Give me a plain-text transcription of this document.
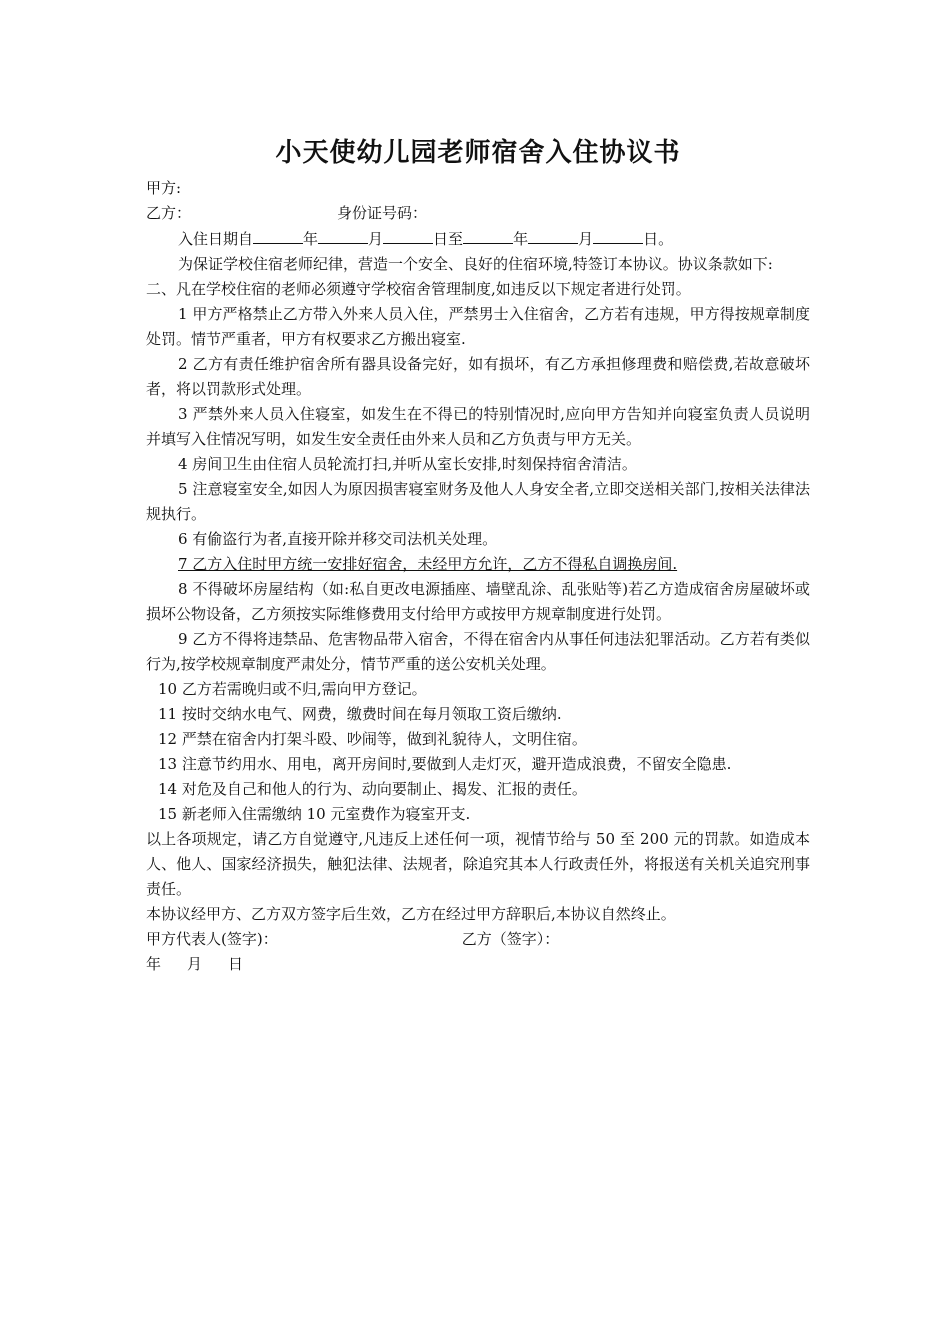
小天使幼儿园老师宿舍入住协议书
甲方:
乙方：	身份证号码：
入住日期自	年	月	日至	年	月	日。
为保证学校住宿老师纪律，营造一个安全、良好的住宿环境,特签订本协议。协议条款如下:
二、凡在学校住宿的老师必须遵守学校宿舍管理制度,如违反以下规定者进行处罚。
1 甲方严格禁止乙方带入外来人员入住，严禁男士入住宿舍，乙方若有违规，甲方得按规章制度处罚。情节严重者，甲方有权要求乙方搬出寝室.
2 乙方有责任维护宿舍所有器具设备完好，如有损坏，有乙方承担修理费和赔偿费,若故意破坏者，将以罚款形式处理。
3 严禁外来人员入住寝室，如发生在不得已的特别情况时,应向甲方告知并向寝室负责人员说明并填写入住情况写明，如发生安全责任由外来人员和乙方负责与甲方无关。
4 房间卫生由住宿人员轮流打扫,并听从室长安排,时刻保持宿舍清洁。
5 注意寝室安全,如因人为原因损害寝室财务及他人人身安全者,立即交送相关部门,按相关法律法规执行。
6 有偷盗行为者,直接开除并移交司法机关处理。
7 乙方入住时甲方统一安排好宿舍，未经甲方允许，乙方不得私自调换房间.
8 不得破坏房屋结构（如:私自更改电源插座、墙壁乱涂、乱张贴等)若乙方造成宿舍房屋破坏或损坏公物设备，乙方须按实际维修费用支付给甲方或按甲方规章制度进行处罚。
9 乙方不得将违禁品、危害物品带入宿舍，不得在宿舍内从事任何违法犯罪活动。乙方若有类似行为,按学校规章制度严肃处分，情节严重的送公安机关处理。
10 乙方若需晚归或不归,需向甲方登记。
11 按时交纳水电气、网费，缴费时间在每月领取工资后缴纳.
12 严禁在宿舍内打架斗殴、吵闹等，做到礼貌待人，文明住宿。
13 注意节约用水、用电，离开房间时,要做到人走灯灭，避开造成浪费，不留安全隐患.
14 对危及自己和他人的行为、动向要制止、揭发、汇报的责任。
15 新老师入住需缴纳 10 元室费作为寝室开支.
以上各项规定，请乙方自觉遵守,凡违反上述任何一项，视情节给与 50 至 200 元的罚款。如造成本人、他人、国家经济损失，触犯法律、法规者，除追究其本人行政责任外，将报送有关机关追究刑事责任。
本协议经甲方、乙方双方签字后生效，乙方在经过甲方辞职后,本协议自然终止。
甲方代表人(签字)：	乙方（签字）：
年 月 日
